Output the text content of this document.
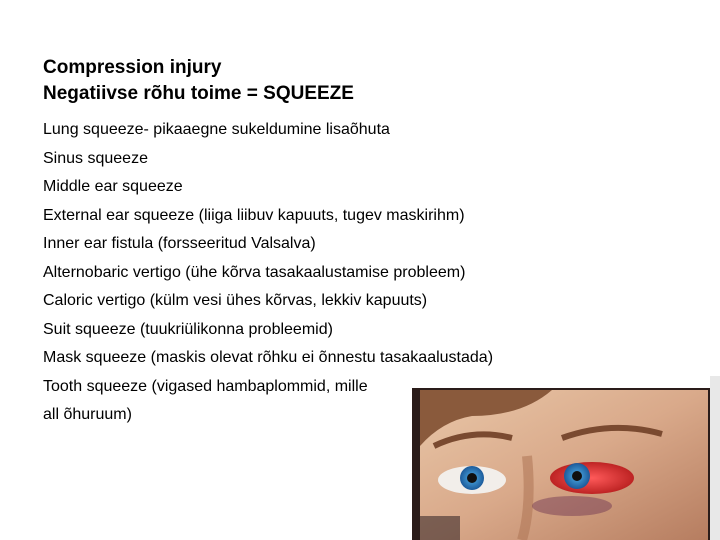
Compression injury
Negatiivse rõhu toime = SQUEEZE
Lung squeeze- pikaaegne sukeldumine lisaõhuta
Sinus squeeze
Middle ear squeeze
External ear squeeze (liiga liibuv kapuuts, tugev maskirihm)
Inner ear fistula (forsseeritud Valsalva)
Alternobaric vertigo (ühe kõrva tasakaalustamise probleem)
Caloric vertigo (külm vesi ühes kõrvas, lekkiv kapuuts)
Suit squeeze (tuukriülikonna probleemid)
Mask squeeze (maskis olevat rõhku ei õnnestu tasakaalustada)
Tooth squeeze (vigased hambaplommid, mille
all õhuruum)
